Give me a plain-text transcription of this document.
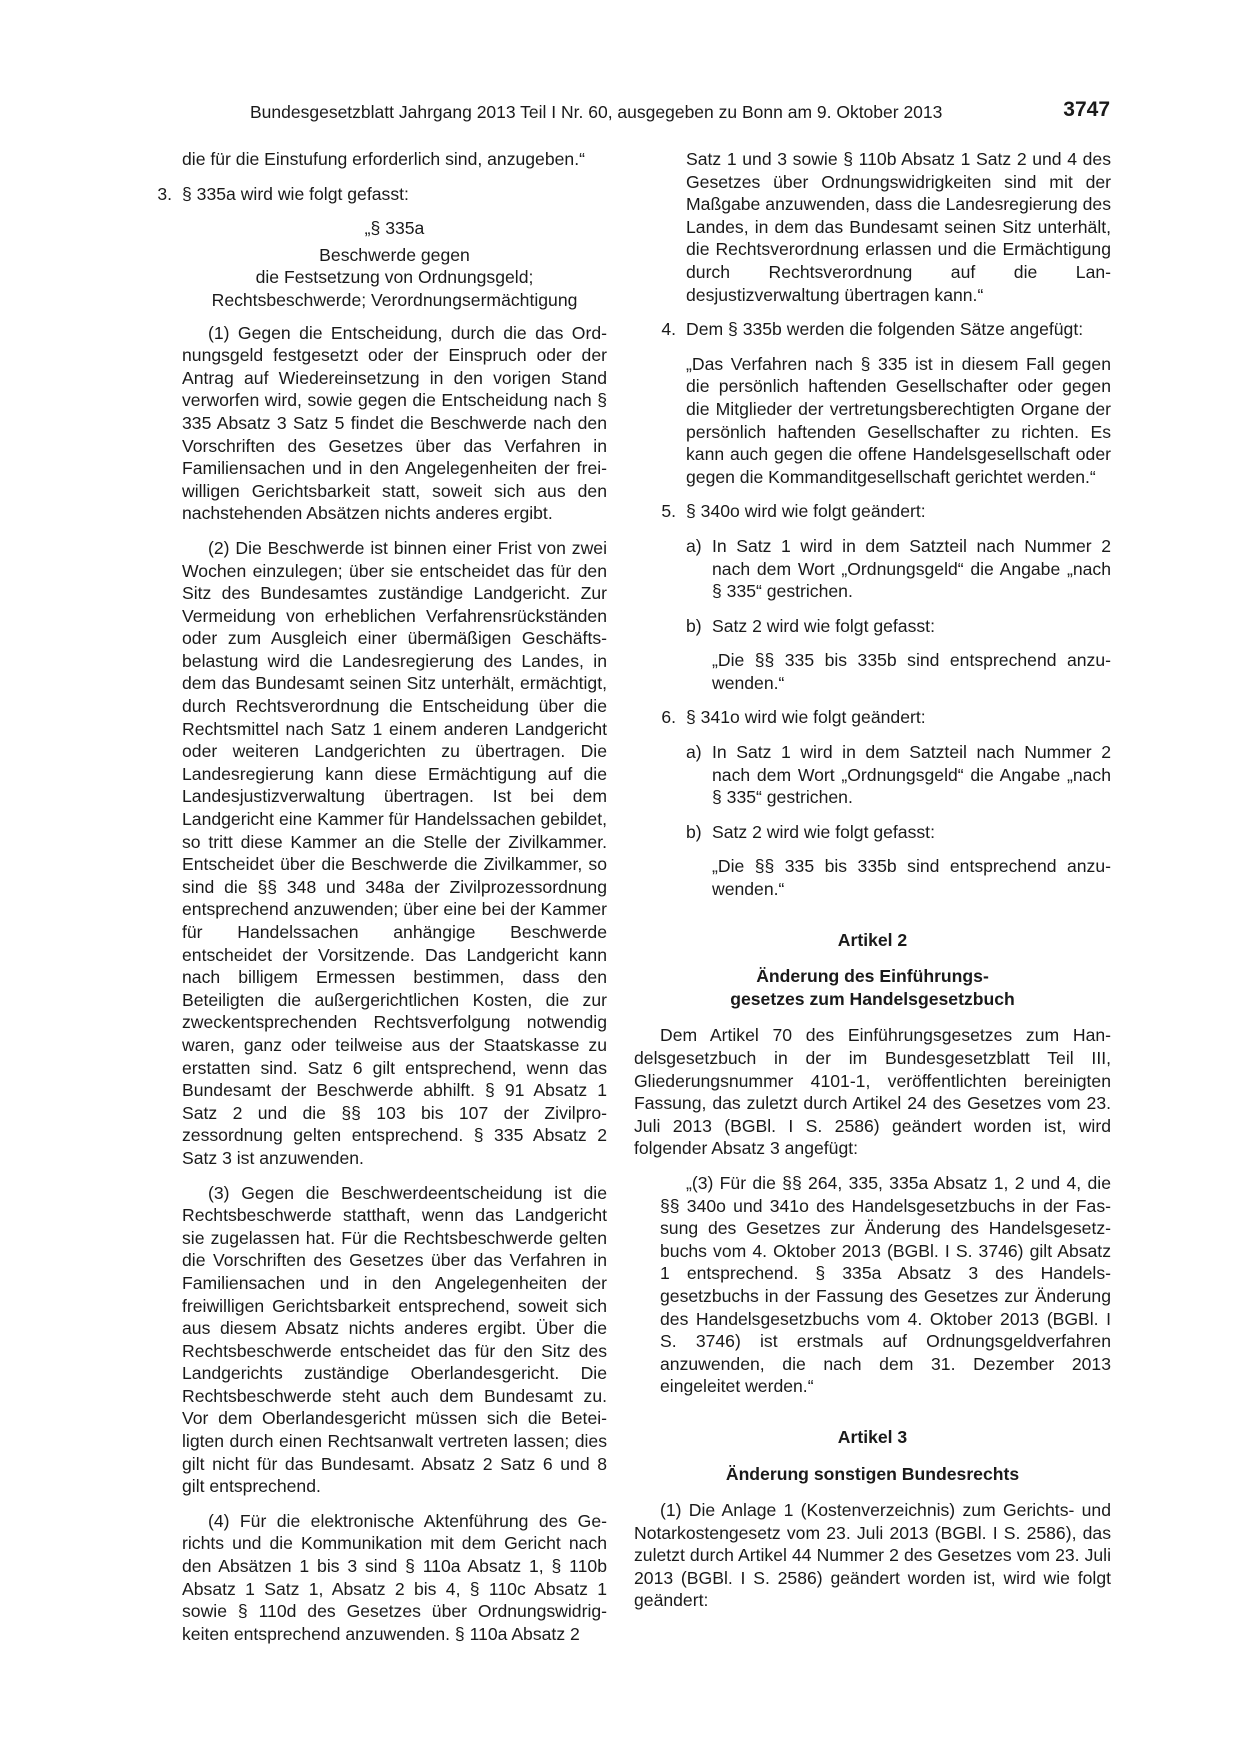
Bundesgesetzblatt Jahrgang 2013 Teil I Nr. 60, ausgegeben zu Bonn am 9. Oktober 2013	3747

die für die Einstufung erforderlich sind, anzugeben.“

3. § 335a wird wie folgt gefasst:

„§ 335a

Beschwerde gegen
die Festsetzung von Ordnungsgeld;
Rechtsbeschwerde; Verordnungsermächtigung

(1) Gegen die Entscheidung, durch die das Ordnungsgeld festgesetzt oder der Einspruch oder der Antrag auf Wiedereinsetzung in den vorigen Stand verworfen wird, sowie gegen die Entscheidung nach § 335 Absatz 3 Satz 5 findet die Beschwerde nach den Vorschriften des Gesetzes über das Verfahren in Familiensachen und in den Angelegenheiten der freiwilligen Gerichtsbarkeit statt, soweit sich aus den nachstehenden Absätzen nichts anderes ergibt.

(2) Die Beschwerde ist binnen einer Frist von zwei Wochen einzulegen; über sie entscheidet das für den Sitz des Bundesamtes zuständige Landgericht. Zur Vermeidung von erheblichen Verfahrensrückständen oder zum Ausgleich einer übermäßigen Geschäftsbelastung wird die Landesregierung des Landes, in dem das Bundesamt seinen Sitz unterhält, ermächtigt, durch Rechtsverordnung die Entscheidung über die Rechtsmittel nach Satz 1 einem anderen Landgericht oder weiteren Landgerichten zu übertragen. Die Landesregierung kann diese Ermächtigung auf die Landesjustizverwaltung übertragen. Ist bei dem Landgericht eine Kammer für Handelssachen gebildet, so tritt diese Kammer an die Stelle der Zivilkammer. Entscheidet über die Beschwerde die Zivilkammer, so sind die §§ 348 und 348a der Zivilprozessordnung entsprechend anzuwenden; über eine bei der Kammer für Handelssachen anhängige Beschwerde entscheidet der Vorsitzende. Das Landgericht kann nach billigem Ermessen bestimmen, dass den Beteiligten die außergerichtlichen Kosten, die zur zweckentsprechenden Rechtsverfolgung notwendig waren, ganz oder teilweise aus der Staatskasse zu erstatten sind. Satz 6 gilt entsprechend, wenn das Bundesamt der Beschwerde abhilft. § 91 Absatz 1 Satz 2 und die §§ 103 bis 107 der Zivilprozessordnung gelten entsprechend. § 335 Absatz 2 Satz 3 ist anzuwenden.

(3) Gegen die Beschwerdeentscheidung ist die Rechtsbeschwerde statthaft, wenn das Landgericht sie zugelassen hat. Für die Rechtsbeschwerde gelten die Vorschriften des Gesetzes über das Verfahren in Familiensachen und in den Angelegenheiten der freiwilligen Gerichtsbarkeit entsprechend, soweit sich aus diesem Absatz nichts anderes ergibt. Über die Rechtsbeschwerde entscheidet das für den Sitz des Landgerichts zuständige Oberlandesgericht. Die Rechtsbeschwerde steht auch dem Bundesamt zu. Vor dem Oberlandesgericht müssen sich die Beteiligten durch einen Rechtsanwalt vertreten lassen; dies gilt nicht für das Bundesamt. Absatz 2 Satz 6 und 8 gilt entsprechend.

(4) Für die elektronische Aktenführung des Gerichts und die Kommunikation mit dem Gericht nach den Absätzen 1 bis 3 sind § 110a Absatz 1, § 110b Absatz 1 Satz 1, Absatz 2 bis 4, § 110c Absatz 1 sowie § 110d des Gesetzes über Ordnungswidrigkeiten entsprechend anzuwenden. § 110a Absatz 2

Satz 1 und 3 sowie § 110b Absatz 1 Satz 2 und 4 des Gesetzes über Ordnungswidrigkeiten sind mit der Maßgabe anzuwenden, dass die Landesregierung des Landes, in dem das Bundesamt seinen Sitz unterhält, die Rechtsverordnung erlassen und die Ermächtigung durch Rechtsverordnung auf die Landesjustizverwaltung übertragen kann.“

4. Dem § 335b werden die folgenden Sätze angefügt:

„Das Verfahren nach § 335 ist in diesem Fall gegen die persönlich haftenden Gesellschafter oder gegen die Mitglieder der vertretungsberechtigten Organe der persönlich haftenden Gesellschafter zu richten. Es kann auch gegen die offene Handelsgesellschaft oder gegen die Kommanditgesellschaft gerichtet werden.“

5. § 340o wird wie folgt geändert:
a) In Satz 1 wird in dem Satzteil nach Nummer 2 nach dem Wort „Ordnungsgeld“ die Angabe „nach § 335“ gestrichen.
b) Satz 2 wird wie folgt gefasst:

„Die §§ 335 bis 335b sind entsprechend anzuwenden.“

6. § 341o wird wie folgt geändert:
a) In Satz 1 wird in dem Satzteil nach Nummer 2 nach dem Wort „Ordnungsgeld“ die Angabe „nach § 335“ gestrichen.
b) Satz 2 wird wie folgt gefasst:

„Die §§ 335 bis 335b sind entsprechend anzuwenden.“

Artikel 2

Änderung des Einführungs-
gesetzes zum Handelsgesetzbuch

Dem Artikel 70 des Einführungsgesetzes zum Handelsgesetzbuch in der im Bundesgesetzblatt Teil III, Gliederungsnummer 4101-1, veröffentlichten bereinigten Fassung, das zuletzt durch Artikel 24 des Gesetzes vom 23. Juli 2013 (BGBl. I S. 2586) geändert worden ist, wird folgender Absatz 3 angefügt:

„(3) Für die §§ 264, 335, 335a Absatz 1, 2 und 4, die §§ 340o und 341o des Handelsgesetzbuchs in der Fassung des Gesetzes zur Änderung des Handelsgesetzbuchs vom 4. Oktober 2013 (BGBl. I S. 3746) gilt Absatz 1 entsprechend. § 335a Absatz 3 des Handelsgesetzbuchs in der Fassung des Gesetzes zur Änderung des Handelsgesetzbuchs vom 4. Oktober 2013 (BGBl. I S. 3746) ist erstmals auf Ordnungsgeldverfahren anzuwenden, die nach dem 31. Dezember 2013 eingeleitet werden.“

Artikel 3

Änderung sonstigen Bundesrechts

(1) Die Anlage 1 (Kostenverzeichnis) zum Gerichts- und Notarkostengesetz vom 23. Juli 2013 (BGBl. I S. 2586), das zuletzt durch Artikel 44 Nummer 2 des Gesetzes vom 23. Juli 2013 (BGBl. I S. 2586) geändert worden ist, wird wie folgt geändert:
